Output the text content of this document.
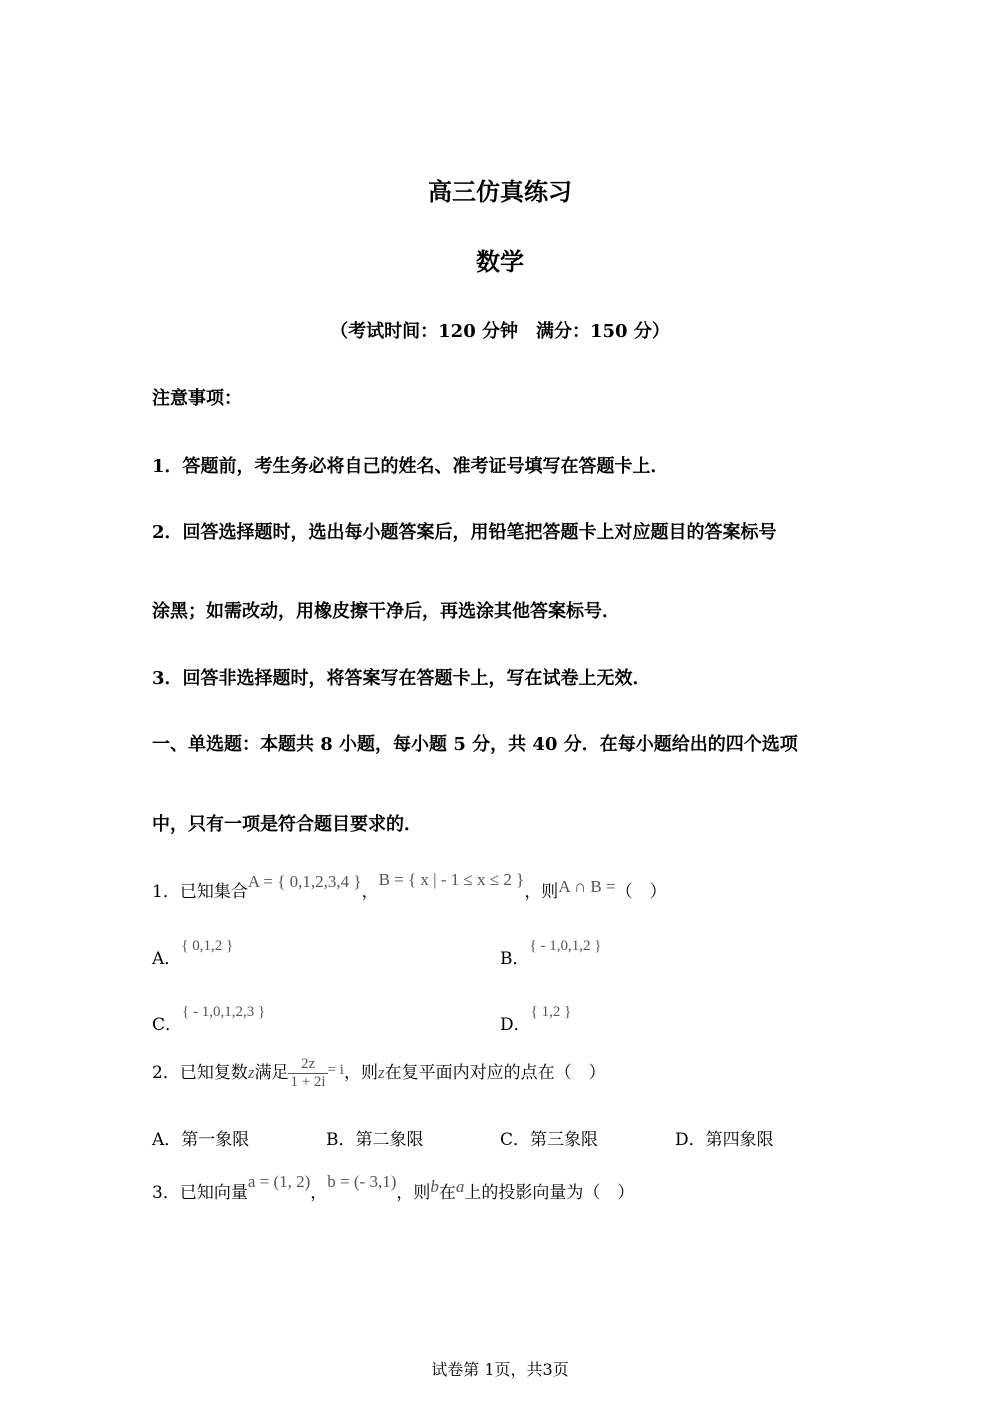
高三仿真练习
数学
（考试时间：120 分钟　满分：150 分）
注意事项：
1．答题前，考生务必将自己的姓名、准考证号填写在答题卡上．
2．回答选择题时，选出每小题答案后，用铅笔把答题卡上对应题目的答案标号
涂黑；如需改动，用橡皮擦干净后，再选涂其他答案标号．
3．回答非选择题时，将答案写在答题卡上，写在试卷上无效．
一、单选题：本题共 8 小题，每小题 5 分，共 40 分．在每小题给出的四个选项
中，只有一项是符合题目要求的．
1．已知集合A = { 0,1,2,3,4 }，B = { x | - 1 ≤ x ≤ 2 }，则A ∩ B =（　）
A．{ 0,1,2 }
B．{ - 1,0,1,2 }
C．{ - 1,0,1,2,3 }
D．{ 1,2 }
2．已知复数z满足 $\frac{2z}{1 + 2i} = i$，则z在复平面内对应的点在（　）
A．第一象限	B．第二象限	C．第三象限	D．第四象限
3．已知向量a = (1, 2)，b = (- 3,1)，则b在a上的投影向量为（　）
试卷第 1页，共3页
